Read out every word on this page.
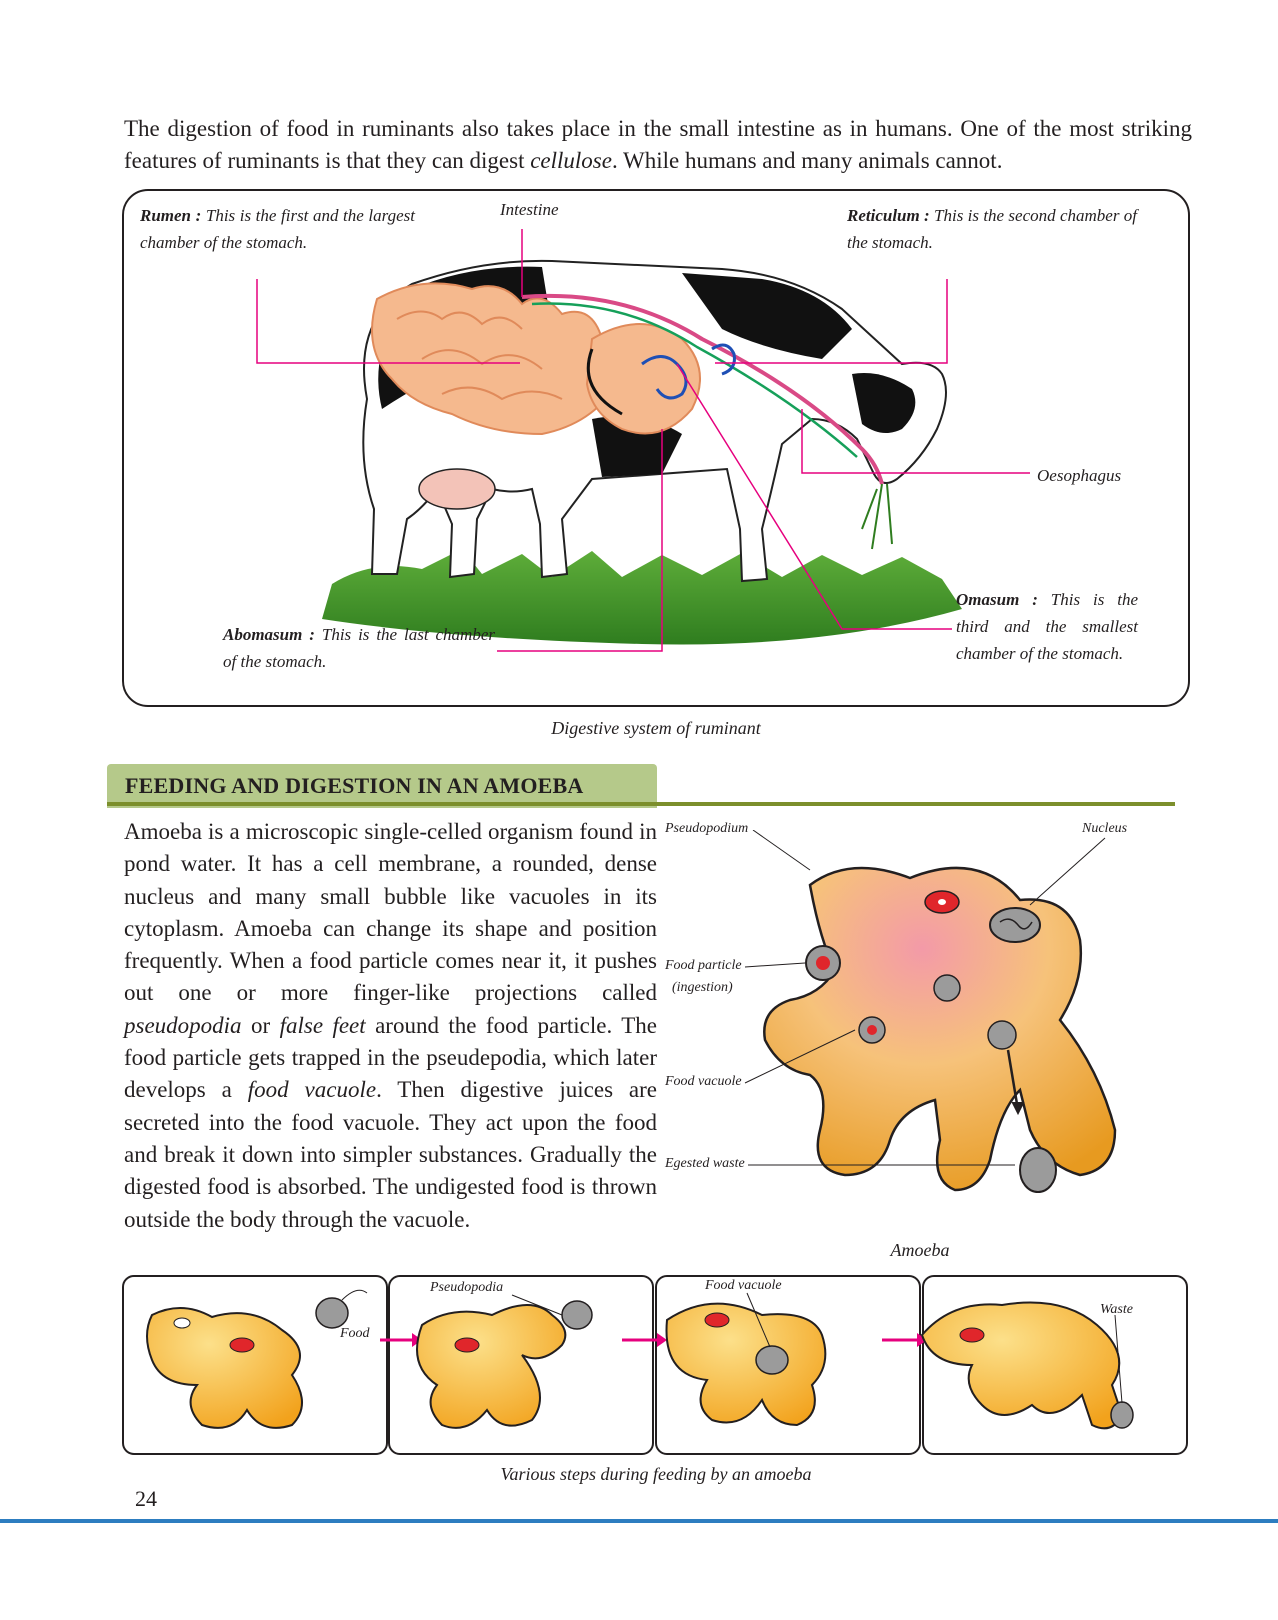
The digestion of food in ruminants also takes place in the small intestine as in humans. One of the most striking features of ruminants is that they can digest cellulose. While humans and many animals cannot.

Rumen : This is the first and the largest chamber of the stomach.
Intestine	Reticulum : This is the second chamber of the stomach.
Oesophagus
Omasum : This is the third and the smallest chamber of the stomach.
Abomasum : This is the last chamber of the stomach.
Digestive system of ruminant
FEEDING AND DIGESTION IN AN AMOEBA

Amoeba is a microscopic single-celled organism found in pond water. It has a cell membrane, a rounded, dense nucleus and many small bubble like vacuoles in its cytoplasm. Amoeba can change its shape and position frequently. When a food particle comes near it, it pushes out one or more finger-like projections called pseudopodia or false feet around the food particle. The food particle gets trapped in the pseudepodia, which later develops a food vacuole. Then digestive juices are secreted into the food vacuole. They act upon the food and break it down into simpler substances. Gradually the digested food is absorbed. The undigested food is thrown outside the body through the vacuole.

Pseudopodium	Nucleus
Food particle
(ingestion)
Food vacuole
Egested waste
Amoeba
Food
Pseudopodia	Food vacuole
Waste
Various steps during feeding by an amoeba
24
